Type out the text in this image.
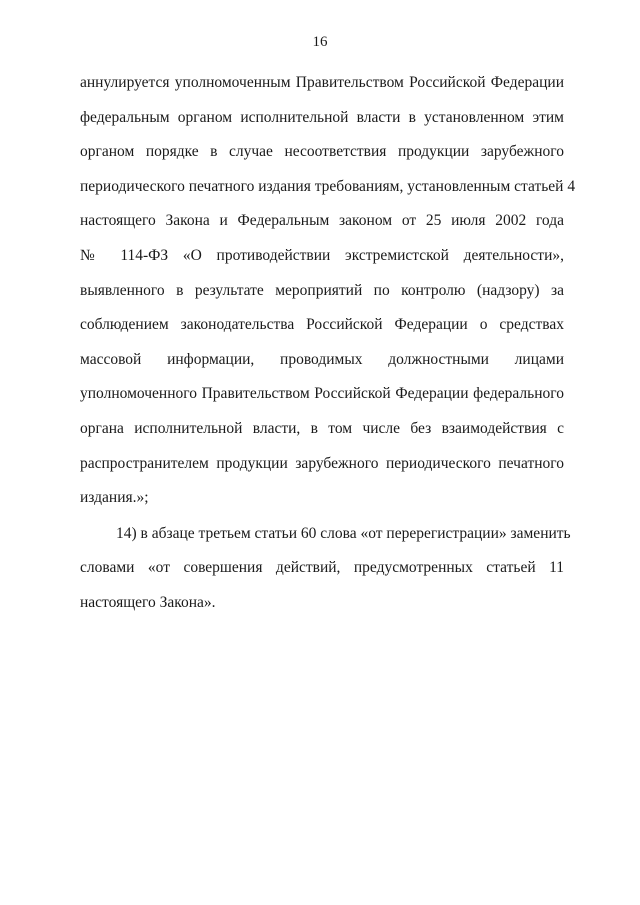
16
аннулируется уполномоченным Правительством Российской Федерации
федеральным органом исполнительной власти в установленном этим
органом порядке в случае несоответствия продукции зарубежного
периодического печатного издания требованиям, установленным статьей 4
настоящего Закона и Федеральным законом от 25 июля 2002 года
№ 114-ФЗ «О противодействии экстремистской деятельности»,
выявленного в результате мероприятий по контролю (надзору) за
соблюдением законодательства Российской Федерации о средствах
массовой информации, проводимых должностными лицами
уполномоченного Правительством Российской Федерации федерального
органа исполнительной власти, в том числе без взаимодействия с
распространителем продукции зарубежного периодического печатного
издания.»;
14) в абзаце третьем статьи 60 слова «от перерегистрации» заменить
словами «от совершения действий, предусмотренных статьей 11
настоящего Закона».
